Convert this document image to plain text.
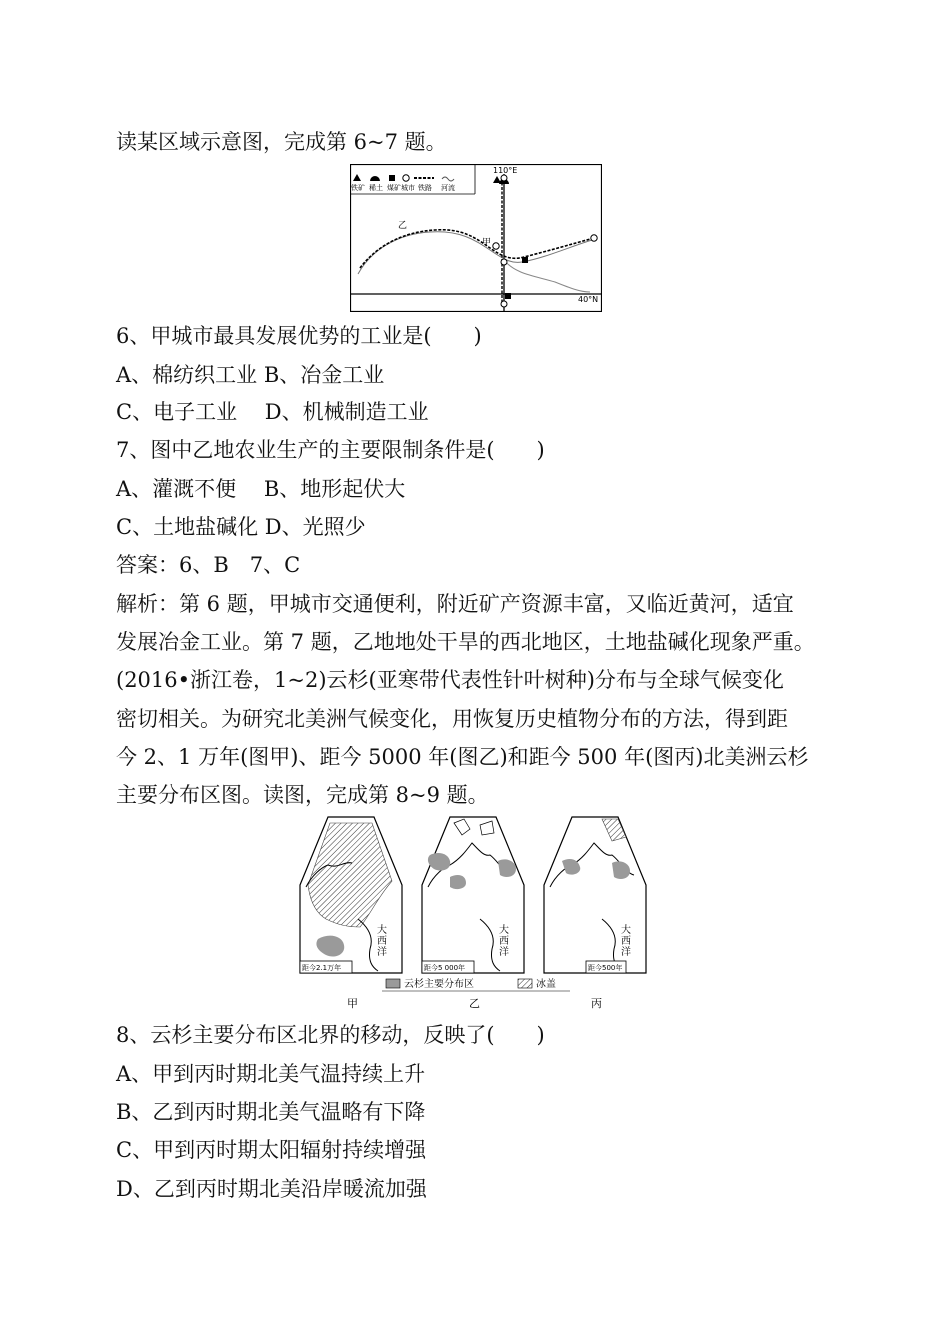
读某区域示意图，完成第 6~7 题。
铁矿 稀土 煤矿 城市 铁路 河流
110°E
40°N
甲
乙
6、甲城市最具发展优势的工业是(　　)
A、棉纺织工业 B、冶金工业
C、电子工业　 D、机械制造工业
7、图中乙地农业生产的主要限制条件是(　　)
A、灌溉不便　 B、地形起伏大
C、土地盐碱化 D、光照少
答案：6、B　7、C
解析：第 6 题，甲城市交通便利，附近矿产资源丰富，又临近黄河，适宜
发展冶金工业。第 7 题，乙地地处干旱的西北地区，土地盐碱化现象严重。
(2016•浙江卷，1~2)云杉(亚寒带代表性针叶树种)分布与全球气候变化
密切相关。为研究北美洲气候变化，用恢复历史植物分布的方法，得到距
今 2、1 万年(图甲)、距今 5000 年(图乙)和距今 500 年(图丙)北美洲云杉
主要分布区图。读图，完成第 8~9 题。
大
西
洋
距今2.1万年
大
西
洋
距今5 000年
大
西
洋
距今500年
云杉主要分布区	冰盖
甲	乙	丙
8、云杉主要分布区北界的移动，反映了(　　)
A、甲到丙时期北美气温持续上升
B、乙到丙时期北美气温略有下降
C、甲到丙时期太阳辐射持续增强
D、乙到丙时期北美沿岸暖流加强
